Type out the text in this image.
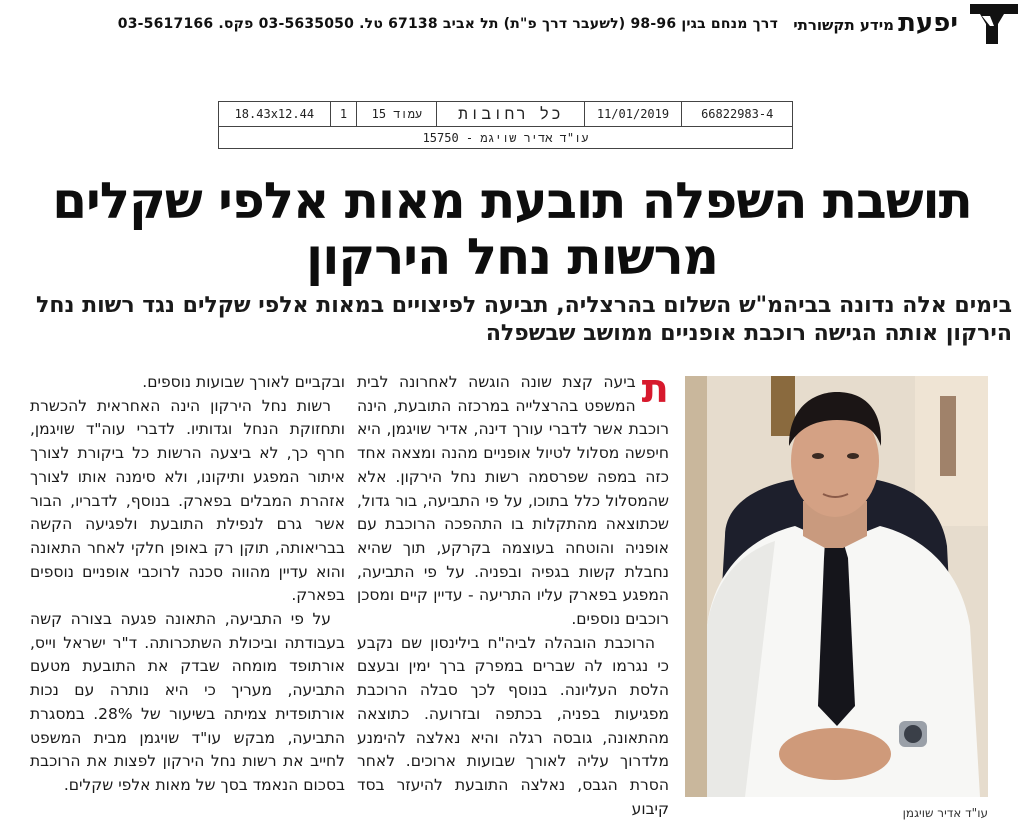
יפעת
מידע תקשורתי
דרך מנחם בגין 98-96 (לשעבר דרך פ"ת) תל אביב 67138 טל. 03-5635050 פקס. 03-5617166
18.43x12.44	1	עמוד 15	כל רחובות	11/01/2019	66822983-4
עו"ד אדיר שויגמ - 15750
תושבת השפלה תובעת מאות אלפי שקלים
מרשות נחל הירקון
בימים אלה נדונה בביהמ"ש השלום בהרצליה, תביעה לפיצויים במאות אלפי שקלים נגד רשות נחל הירקון אותה הגישה רוכבת אופניים ממושב שבשפלה

ת
ביעה קצת שונה הוגשה לאחרונה לבית המשפט בהרצלייה במרכזה התובעת, הינה רוכבת אשר לדברי עורך דינה, אדיר שויגמן, היא חיפשה מסלול לטיול אופניים מהנה ומצאה אחד כזה במפה שפרסמה רשות נחל הירקון. אלא שהמסלול כלל בתוכו, על פי התביעה, בור גדול, שכתוצאה מהתקלות בו התהפכה הרוכבת עם אופניה והוטחה בעוצמה בקרקע, תוך שהיא נחבלת קשות בגפיה ובפניה. על פי התביעה, המפגע בפארק עליו התריעה - עדיין קיים ומסכן רוכבים נוספים.

הרוכבת הובהלה לביה"ח בילינסון שם נקבע כי נגרמו לה שברים במפרק ברך ימין ובעצם הלסת העליונה. בנוסף לכך סבלה הרוכבת מפגיעות בפניה, בכתפה ובזרועה. כתוצאה מהתאונה, גובסה רגלה והיא נאלצה להימנע מלדרוך עליה לאורך שבועות ארוכים. לאחר הסרת הגבס, נאלצה התובעת להיעזר בסד קיבוע

ובקביים לאורך שבועות נוספים.

רשות נחל הירקון הינה האחראית להכשרת ותחזוקת הנחל וגדותיו. לדברי עוה"ד שויגמן, חרף כך, לא ביצעה הרשות כל ביקורת לצורך איתור המפגע ותיקונו, ולא סימנה אותו לצורך אזהרת המבלים בפארק. בנוסף, לדבריו, הבור אשר גרם לנפילת התובעת ולפגיעה הקשה בבריאותה, תוקן רק באופן חלקי לאחר התאונה והוא עדיין מהווה סכנה לרוכבי אופניים נוספים בפארק.

על פי התביעה, התאונה פגעה בצורה קשה בעבודתה וביכולת השתכרותה. ד"ר ישראל וייס, אורתופד מומחה שבדק את התובעת מטעם התביעה, מעריך כי היא נותרה עם נכות אורתופדית צמיתה בשיעור של 28%. במסגרת התביעה, מבקש עו"ד שויגמן מבית המשפט לחייב את רשות נחל הירקון לפצות את הרוכבת בסכום הנאמד בסך של מאות אלפי שקלים.

עו"ד אדיר שויגמן
